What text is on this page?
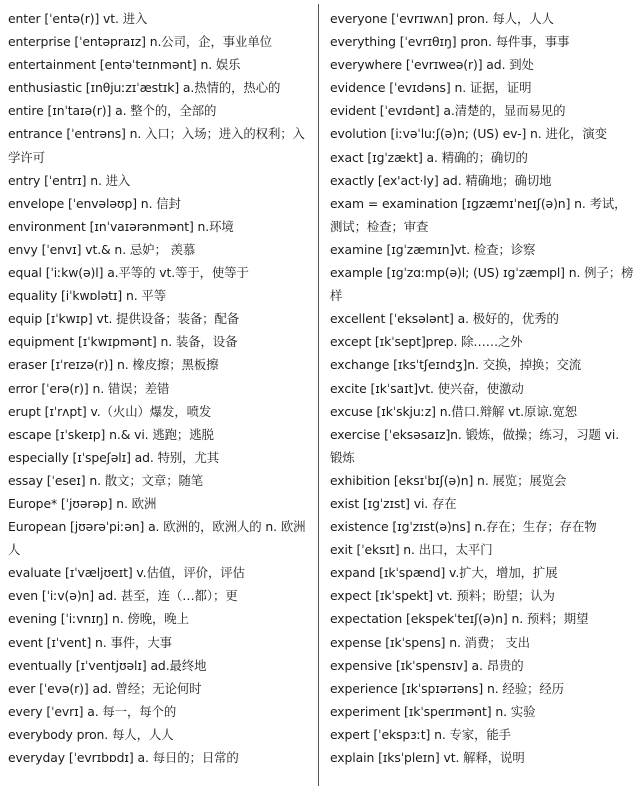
enter [ˈentə(r)] vt. 进入

enterprise [ˈentəpraɪz] n.公司，企，事业单位

entertainment [entəˈteɪnmənt] n. 娱乐

enthusiastic [ɪnθjuːzɪˈæstɪk] a.热情的，热心的

entire [ɪnˈtaɪə(r)] a. 整个的，全部的

entrance [ˈentrəns] n. 入口；入场；进入的权利；入学许可

entry [ˈentrɪ] n. 进入

envelope [ˈenvələʊp] n. 信封

environment [ɪnˈvaɪərənmənt] n.环境

envy [ˈenvɪ] vt.& n. 忌妒； 羡慕

equal [ˈiːkw(ə)l] a.平等的 vt.等于，使等于

equality [iˈkwɒlətɪ] n. 平等

equip [ɪˈkwɪp] vt. 提供设备；装备；配备

equipment [ɪˈkwɪpmənt] n. 装备，设备

eraser [ɪˈreɪzə(r)] n. 橡皮擦；黑板擦

error [ˈerə(r)] n. 错误；差错

erupt [ɪˈrʌpt] v.（火山）爆发，喷发

escape [ɪˈskeɪp] n.& vi. 逃跑；逃脱

especially [ɪˈspeʃəlɪ] ad. 特别，尤其

essay [ˈeseɪ] n. 散文；文章；随笔

Europe* [ˈjʊərəp] n. 欧洲

European [jʊərəˈpiːən] a. 欧洲的，欧洲人的 n. 欧洲人

evaluate [ɪˈvæljʊeɪt] v.估值，评价，评估

even [ˈiːv(ə)n] ad. 甚至，连（…都）；更

evening [ˈiːvnɪŋ] n. 傍晚，晚上

event [ɪˈvent] n. 事件，大事

eventually [ɪˈventjʊəlɪ] ad.最终地

ever [ˈevə(r)] ad. 曾经；无论何时

every [ˈevrɪ] a. 每一，每个的

everybody pron. 每人，人人

everyday [ˈevrɪbɒdɪ] a. 每日的；日常的

everyone [ˈevrɪwʌn] pron. 每人，人人

everything [ˈevrɪθɪŋ] pron. 每件事，事事

everywhere [ˈevrɪweə(r)] ad. 到处

evidence [ˈevɪdəns] n. 证据，证明

evident [ˈevɪdənt] a.清楚的，显而易见的

evolution [iːvəˈluːʃ(ə)n; (US) ev-] n. 进化，演变

exact [ɪgˈzækt] a. 精确的；确切的

exactly [ex'act·ly] ad. 精确地；确切地

exam = examination [ɪgzæmɪˈneɪʃ(ə)n] n. 考试，测试；检查；审查

examine [ɪgˈzæmɪn]vt. 检查；诊察

example [ɪgˈzɑːmp(ə)l; (US) ɪgˈzæmpl] n. 例子；榜样

excellent [ˈeksələnt] a. 极好的，优秀的

except [ɪkˈsept]prep. 除……之外

exchange [ɪksˈtʃeɪndʒ]n. 交换，掉换；交流

excite [ɪkˈsaɪt]vt. 使兴奋，使激动

excuse [ɪkˈskjuːz] n.借口.辩解 vt.原谅.宽恕

exercise [ˈeksəsaɪz]n. 锻炼，做操；练习，习题 vi. 锻炼

exhibition [eksɪˈbɪʃ(ə)n] n. 展览；展览会

exist [ɪgˈzɪst] vi. 存在

existence [ɪgˈzɪst(ə)ns] n.存在；生存；存在物

exit [ˈeksɪt] n. 出口，太平门

expand [ɪkˈspænd] v.扩大，增加，扩展

expect [ɪkˈspekt] vt. 预料；盼望；认为

expectation [ekspekˈteɪʃ(ə)n] n. 预料；期望

expense [ɪkˈspens] n. 消费； 支出

expensive [ɪkˈspensɪv] a. 昂贵的

experience [ɪkˈspɪərɪəns] n. 经验；经历

experiment [ɪkˈsperɪmənt] n. 实验

expert [ˈekspɜːt] n. 专家，能手

explain [ɪksˈpleɪn] vt. 解释，说明
